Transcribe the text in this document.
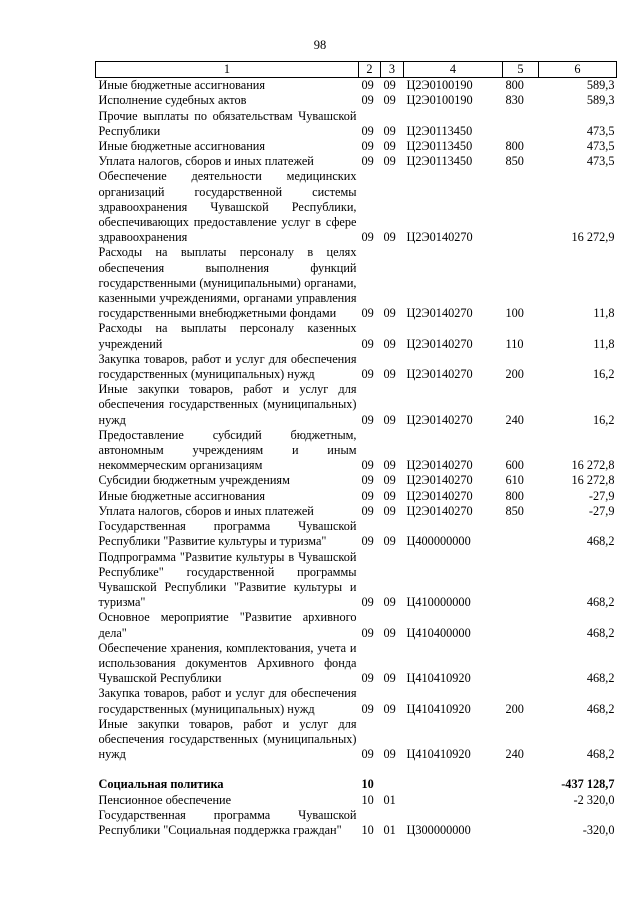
98
1	2	3	4	5	6
Иные бюджетные ассигнования	09	09	Ц2Э0100190	800	589,3
Исполнение судебных актов	09	09	Ц2Э0100190	830	589,3
Прочие выплаты по обязательствам Чувашской Республики	09	09	Ц2Э0113450		473,5
Иные бюджетные ассигнования	09	09	Ц2Э0113450	800	473,5
Уплата налогов, сборов и иных платежей	09	09	Ц2Э0113450	850	473,5
Обеспечение деятельности медицинских организаций государственной системы здравоохранения Чувашской Республики, обеспечивающих предоставление услуг в сфере здравоохранения	09	09	Ц2Э0140270		16 272,9
Расходы на выплаты персоналу в целях обеспечения выполнения функций государственными (муниципальными) органами, казенными учреждениями, органами управления государственными внебюджетными фондами	09	09	Ц2Э0140270	100	11,8
Расходы на выплаты персоналу казенных учреждений	09	09	Ц2Э0140270	110	11,8
Закупка товаров, работ и услуг для обеспечения государственных (муниципальных) нужд	09	09	Ц2Э0140270	200	16,2
Иные закупки товаров, работ и услуг для обеспечения государственных (муниципальных) нужд	09	09	Ц2Э0140270	240	16,2
Предоставление субсидий бюджетным, автономным учреждениям и иным некоммерческим организациям	09	09	Ц2Э0140270	600	16 272,8
Субсидии бюджетным учреждениям	09	09	Ц2Э0140270	610	16 272,8
Иные бюджетные ассигнования	09	09	Ц2Э0140270	800	-27,9
Уплата налогов, сборов и иных платежей	09	09	Ц2Э0140270	850	-27,9
Государственная программа Чувашской Республики "Развитие культуры и туризма"	09	09	Ц400000000		468,2
Подпрограмма "Развитие культуры в Чувашской Республике" государственной программы Чувашской Республики "Развитие культуры и туризма"	09	09	Ц410000000		468,2
Основное мероприятие "Развитие архивного дела"	09	09	Ц410400000		468,2
Обеспечение хранения, комплектования, учета и использования документов Архивного фонда Чувашской Республики	09	09	Ц410410920		468,2
Закупка товаров, работ и услуг для обеспечения государственных (муниципальных) нужд	09	09	Ц410410920	200	468,2
Иные закупки товаров, работ и услуг для обеспечения государственных (муниципальных) нужд	09	09	Ц410410920	240	468,2

Социальная политика	10				-437 128,7
Пенсионное обеспечение	10	01			-2 320,0
Государственная программа Чувашской Республики "Социальная поддержка граждан"	10	01	Ц300000000		-320,0
